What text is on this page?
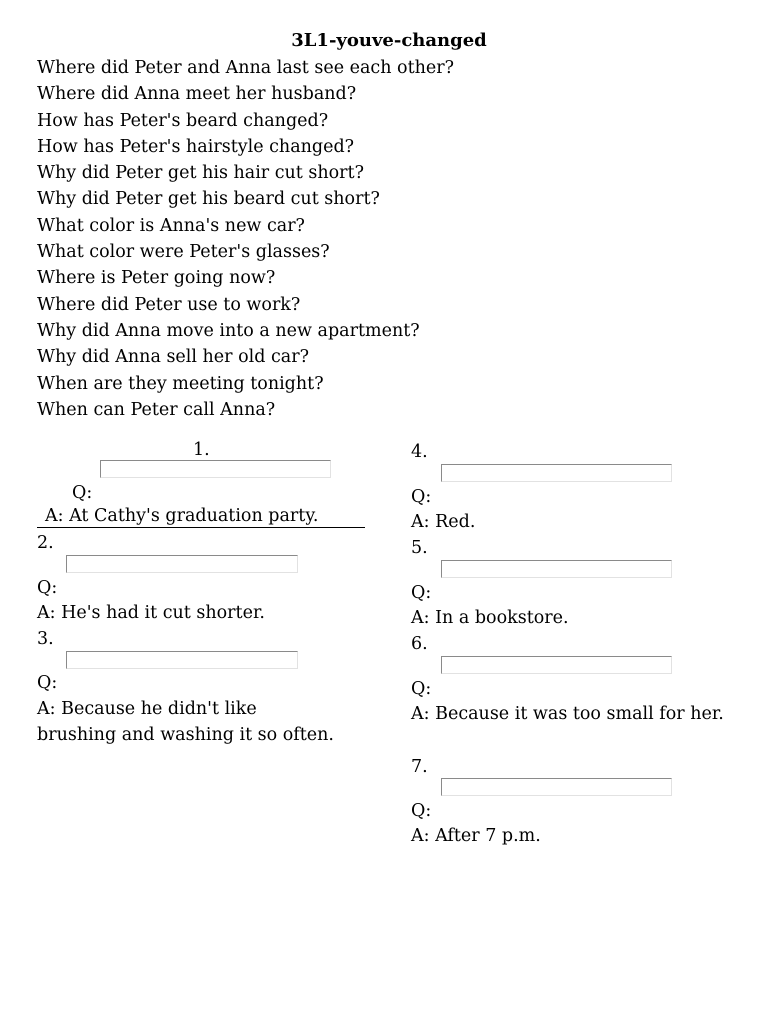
3L1-youve-changed
Where did Peter and Anna last see each other?
Where did Anna meet her husband?
How has Peter's beard changed?
How has Peter's hairstyle changed?
Why did Peter get his hair cut short?
Why did Peter get his beard cut short?
What color is Anna's new car?
What color were Peter's glasses?
Where is Peter going now?
Where did Peter use to work?
Why did Anna move into a new apartment?
Why did Anna sell her old car?
When are they meeting tonight?
When can Peter call Anna?
1.
Q:
A: At Cathy's graduation party.
2.
Q:
A: He's had it cut shorter.
3.
Q:
A: Because he didn't like brushing and washing it so often.
4.
Q:
A: Red.
5.
Q:
A: In a bookstore.
6.
Q:
A: Because it was too small for her.
7.
Q:
A: After 7 p.m.
